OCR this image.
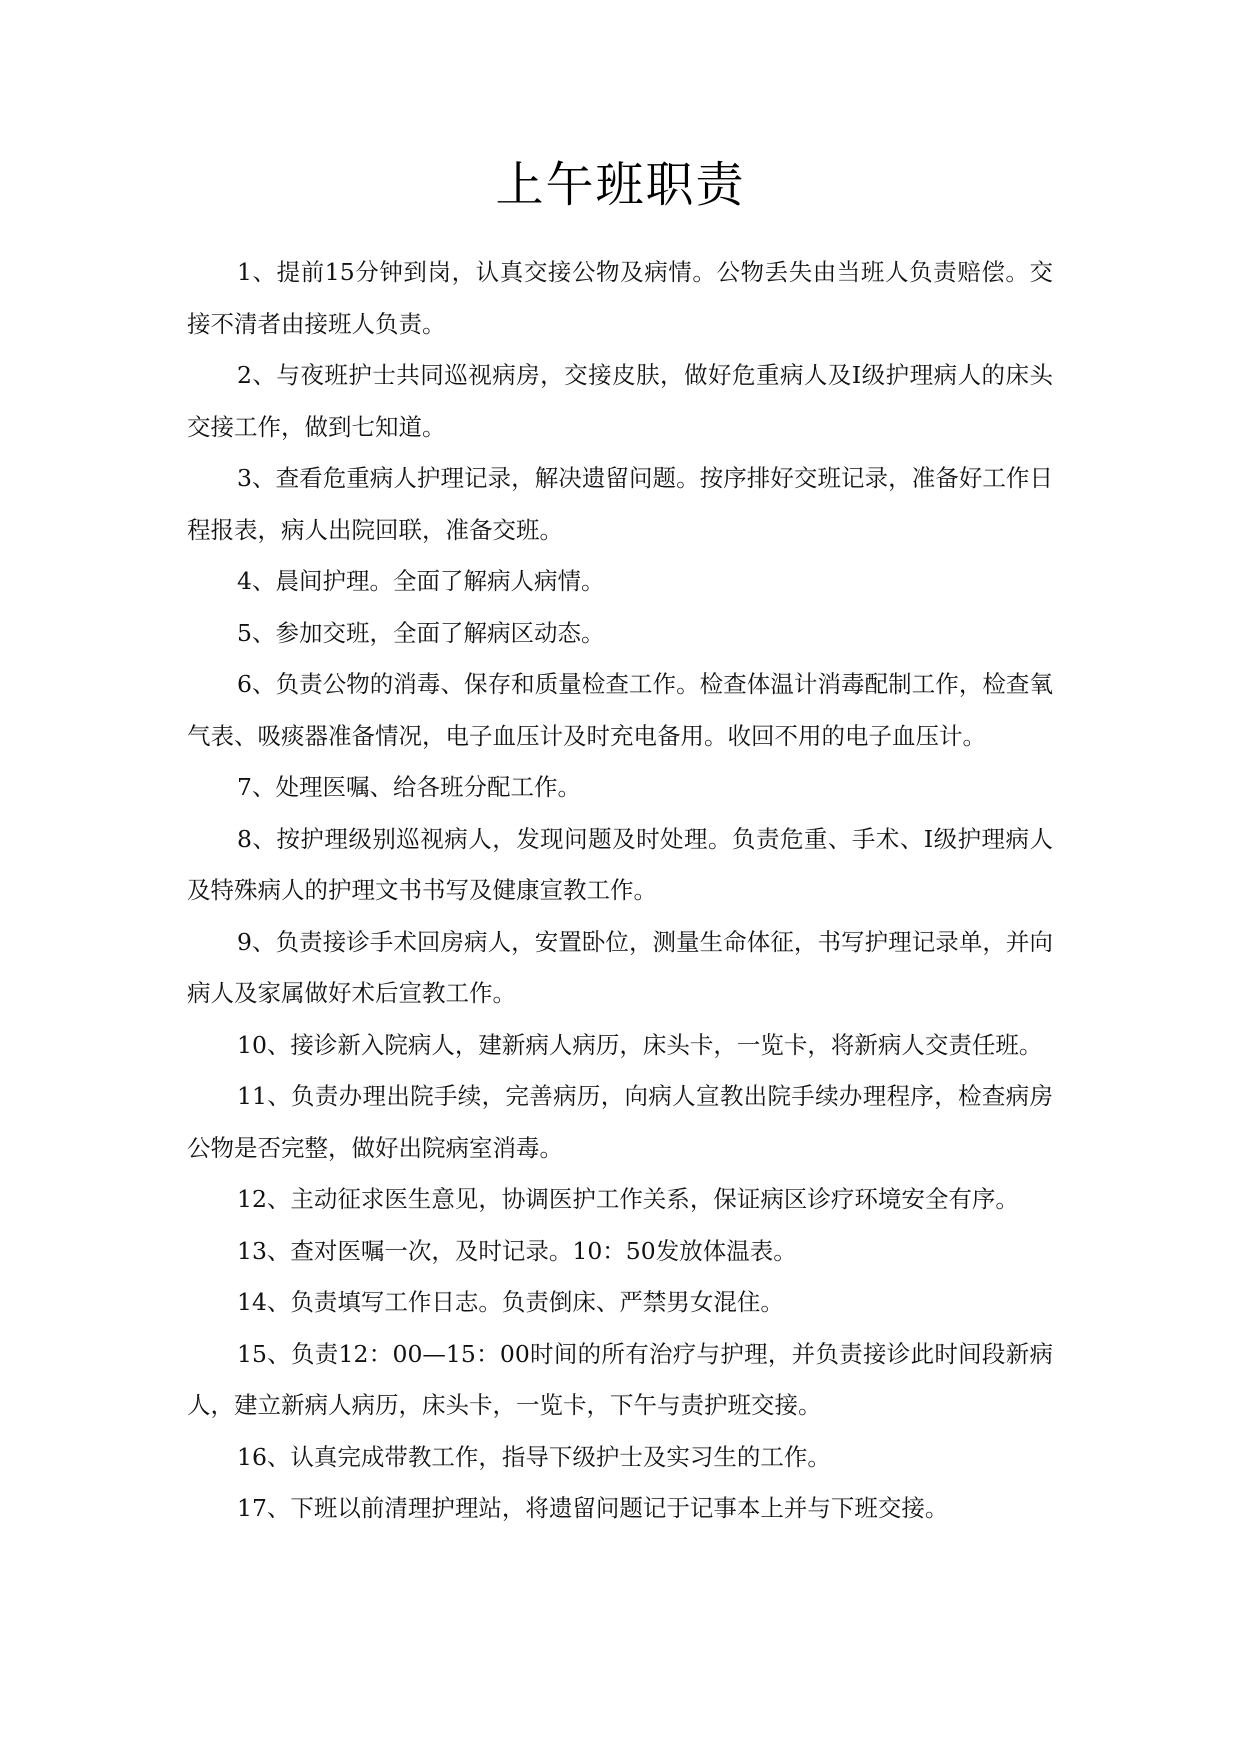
上午班职责

1、提前15分钟到岗，认真交接公物及病情。公物丢失由当班人负责赔偿。交接不清者由接班人负责。

2、与夜班护士共同巡视病房，交接皮肤，做好危重病人及Ⅰ级护理病人的床头交接工作，做到七知道。

3、查看危重病人护理记录，解决遗留问题。按序排好交班记录，准备好工作日程报表，病人出院回联，准备交班。

4、晨间护理。全面了解病人病情。

5、参加交班，全面了解病区动态。

6、负责公物的消毒、保存和质量检查工作。检查体温计消毒配制工作，检查氧气表、吸痰器准备情况，电子血压计及时充电备用。收回不用的电子血压计。

7、处理医嘱、给各班分配工作。

8、按护理级别巡视病人，发现问题及时处理。负责危重、手术、Ⅰ级护理病人及特殊病人的护理文书书写及健康宣教工作。

9、负责接诊手术回房病人，安置卧位，测量生命体征，书写护理记录单，并向病人及家属做好术后宣教工作。

10、接诊新入院病人，建新病人病历，床头卡，一览卡，将新病人交责任班。

11、负责办理出院手续，完善病历，向病人宣教出院手续办理程序，检查病房公物是否完整，做好出院病室消毒。

12、主动征求医生意见，协调医护工作关系，保证病区诊疗环境安全有序。

13、查对医嘱一次，及时记录。10：50发放体温表。

14、负责填写工作日志。负责倒床、严禁男女混住。

15、负责12：00—15：00时间的所有治疗与护理，并负责接诊此时间段新病人，建立新病人病历，床头卡，一览卡，下午与责护班交接。

16、认真完成带教工作，指导下级护士及实习生的工作。

17、下班以前清理护理站，将遗留问题记于记事本上并与下班交接。
